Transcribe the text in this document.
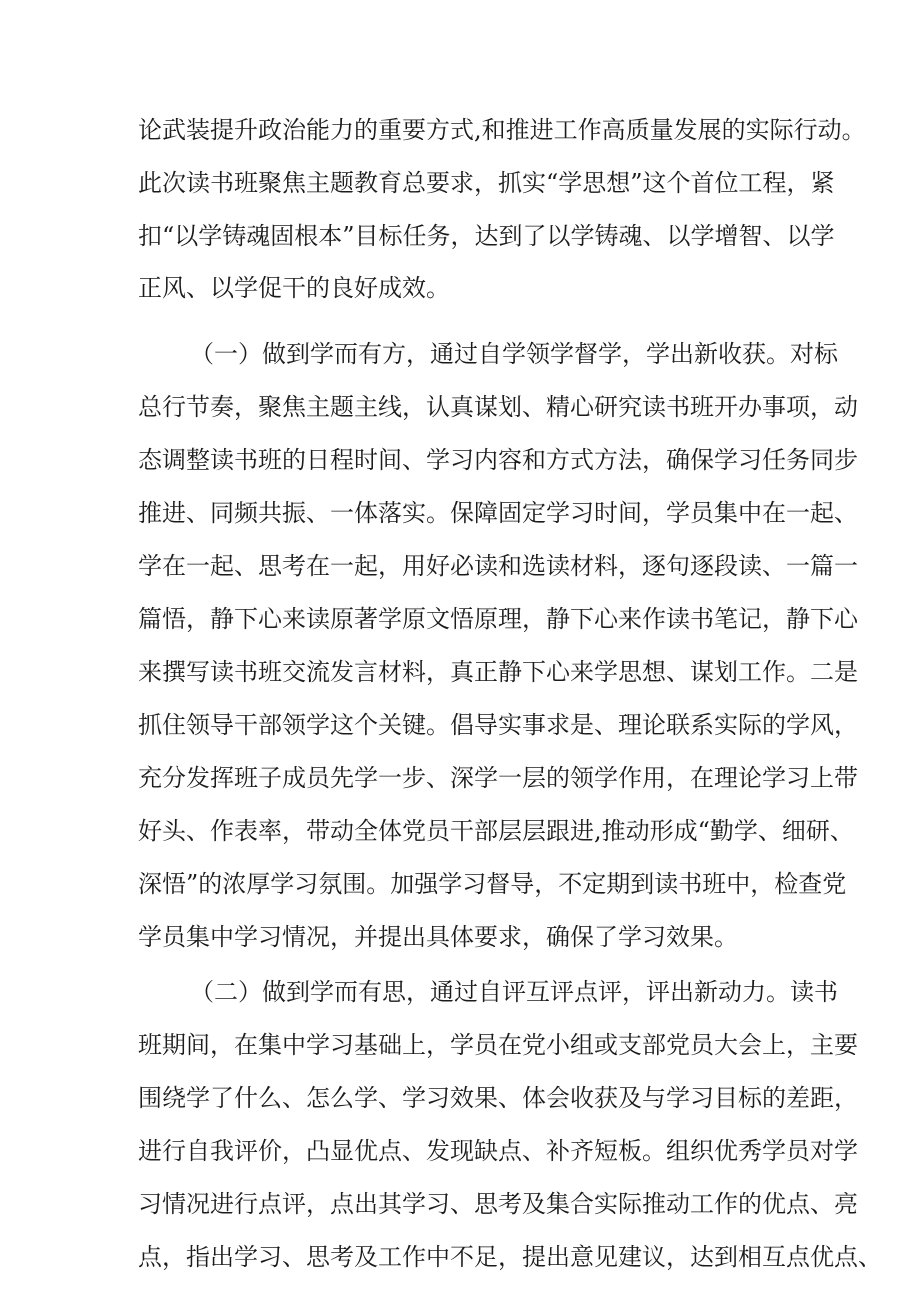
论武装提升政治能力的重要方式,和推进工作高质量发展的实际行动。
此次读书班聚焦主题教育总要求，抓实“学思想”这个首位工程，紧
扣“以学铸魂固根本”目标任务，达到了以学铸魂、以学增智、以学
正风、以学促干的良好成效。
（一）做到学而有方，通过自学领学督学，学出新收获。对标
总行节奏，聚焦主题主线，认真谋划、精心研究读书班开办事项，动
态调整读书班的日程时间、学习内容和方式方法，确保学习任务同步
推进、同频共振、一体落实。保障固定学习时间，学员集中在一起、
学在一起、思考在一起，用好必读和选读材料，逐句逐段读、一篇一
篇悟，静下心来读原著学原文悟原理，静下心来作读书笔记，静下心
来撰写读书班交流发言材料，真正静下心来学思想、谋划工作。二是
抓住领导干部领学这个关键。倡导实事求是、理论联系实际的学风，
充分发挥班子成员先学一步、深学一层的领学作用，在理论学习上带
好头、作表率，带动全体党员干部层层跟进,推动形成“勤学、细研、
深悟”的浓厚学习氛围。加强学习督导，不定期到读书班中，检查党
学员集中学习情况，并提出具体要求，确保了学习效果。
（二）做到学而有思，通过自评互评点评，评出新动力。读书
班期间，在集中学习基础上，学员在党小组或支部党员大会上，主要
围绕学了什么、怎么学、学习效果、体会收获及与学习目标的差距，
进行自我评价，凸显优点、发现缺点、补齐短板。组织优秀学员对学
习情况进行点评，点出其学习、思考及集合实际推动工作的优点、亮
点，指出学习、思考及工作中不足，提出意见建议，达到相互点优点、
